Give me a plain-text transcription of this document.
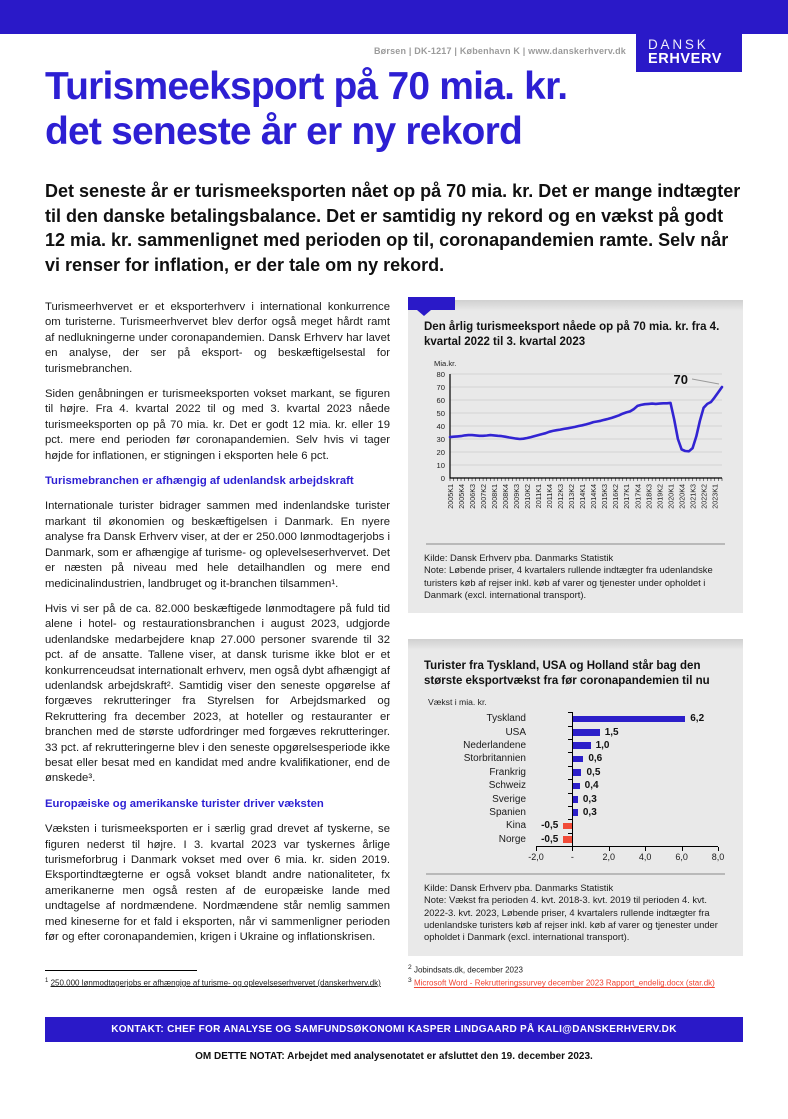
Børsen | DK-1217 | København K | www.danskerhverv.dk DANSK
ERHVERV
Turismeeksport på 70 mia. kr.
det seneste år er ny rekord
Det seneste år er turismeeksporten nået op på 70 mia. kr. Det er mange indtægter til den danske betalingsbalance. Det er samtidig ny rekord og en vækst på godt 12 mia. kr. sammenlignet med perioden op til, coronapandemien ramte. Selv når vi renser for inflation, er der tale om ny rekord.

Turismeerhvervet er et eksporterhverv i international konkurrence om turisterne. Turismeerhvervet blev derfor også meget hårdt ramt af nedlukningerne under coronapandemien. Dansk Erhverv har lavet en analyse, der ser på eksport- og beskæftigelsestal for turismebranchen.

Siden genåbningen er turismeeksporten vokset markant, se figuren til højre. Fra 4. kvartal 2022 til og med 3. kvartal 2023 nåede turismeeksporten op på 70 mia. kr. Det er godt 12 mia. kr. eller 19 pct. mere end perioden før coronapandemien. Selv hvis vi tager højde for inflationen, er stigningen i eksporten hele 6 pct.

Turismebranchen er afhængig af udenlandsk arbejdskraft

Internationale turister bidrager sammen med indenlandske turister markant til økonomien og beskæftigelsen i Danmark. En nyere analyse fra Dansk Erhverv viser, at der er 250.000 lønmodtagerjobs i Danmark, som er afhængige af turisme- og oplevelseserhvervet. Det er næsten på niveau med hele detailhandlen og mere end medicinalindustrien, landbruget og it-branchen tilsammen¹.

Hvis vi ser på de ca. 82.000 beskæftigede lønmodtagere på fuld tid alene i hotel- og restaurationsbranchen i august 2023, udgjorde udenlandske medarbejdere knap 27.000 personer svarende til 32 pct. af de ansatte. Tallene viser, at dansk turisme ikke blot er et konkurrenceudsat internationalt erhverv, men også dybt afhængigt af udenlandsk arbejdskraft². Samtidig viser den seneste opgørelse af forgæves rekrutteringer fra Styrelsen for Arbejdsmarked og Rekruttering fra december 2023, at hoteller og restauranter er branchen med de største udfordringer med forgæves rekrutteringer. 33 pct. af rekrutteringerne blev i den seneste opgørelsesperiode ikke besat eller besat med en kandidat med andre kvalifikationer, end de ønskede³.

Europæiske og amerikanske turister driver væksten

Væksten i turismeeksporten er i særlig grad drevet af tyskerne, se figuren nederst til højre. I 3. kvartal 2023 var tyskernes årlige turismeforbrug i Danmark vokset med over 6 mia. kr. siden 2019. Eksportindtægterne er også vokset blandt andre nationaliteter, fx amerikanerne men også resten af de europæiske lande med undtagelse af nordmændene. Nordmændene står nemlig sammen med kineserne for et fald i eksporten, når vi sammenligner perioden før og efter coronapandemien, krigen i Ukraine og inflationskrisen.

$^1$ 250.000 lønmodtagerjobs er afhængige af turisme- og oplevelseserhvervet (danskerhverv.dk)
Den årlig turismeeksport nåede op på 70 mia. kr. fra 4. kvartal 2022 til 3. kvartal 2023
0
10
20
30
40
50
60
70
80
Mia.kr.
2005K1 2005K4 2006K3 2007K2 2008K1 2008K4 2009K3 2010K2 2011K1 2011K4 2012K3 2013K2 2014K1 2014K4 2015K3 2016K2 2017K1 2017K4 2018K3 2019K2 2020K1 2020K4 2021K3 2022K2 2023K1
70

Kilde: Dansk Erhverv pba. Danmarks Statistik

Note: Løbende priser, 4 kvartalers rullende indtægter fra udenlandske turisters køb af rejser inkl. køb af varer og tjenester under opholdet i Danmark (excl. international transport).

Turister fra Tyskland, USA og Holland står bag den største eksportvækst fra før coronapandemien til nu
Vækst i mia. kr.
Tyskland
USA
Nederlandene
Storbritannien
Frankrig
Schweiz
Sverige
Spanien
Kina
Norge
6,2
1,5
1,0
0,6
0,5
0,4
0,3
0,3
-0,5
-0,5
-2,0	-	2,0	4,0	6,0	8,0

Kilde: Dansk Erhverv pba. Danmarks Statistik

Note: Vækst fra perioden 4. kvt. 2018-3. kvt. 2019 til perioden 4. kvt. 2022-3. kvt. 2023, Løbende priser, 4 kvartalers rullende indtægter fra udenlandske turisters køb af rejser inkl. køb af varer og tjenester under opholdet i Danmark (excl. international transport).

$^2$ Jobindsats.dk, december 2023
$^3$ Microsoft Word - Rekrutteringssurvey december 2023 Rapport_endelig.docx (star.dk)
KONTAKT: CHEF FOR ANALYSE OG SAMFUNDSØKONOMI KASPER LINDGAARD PÅ KALI@DANSKERHVERV.DK
OM DETTE NOTAT: Arbejdet med analysenotatet er afsluttet den 19. december 2023.
